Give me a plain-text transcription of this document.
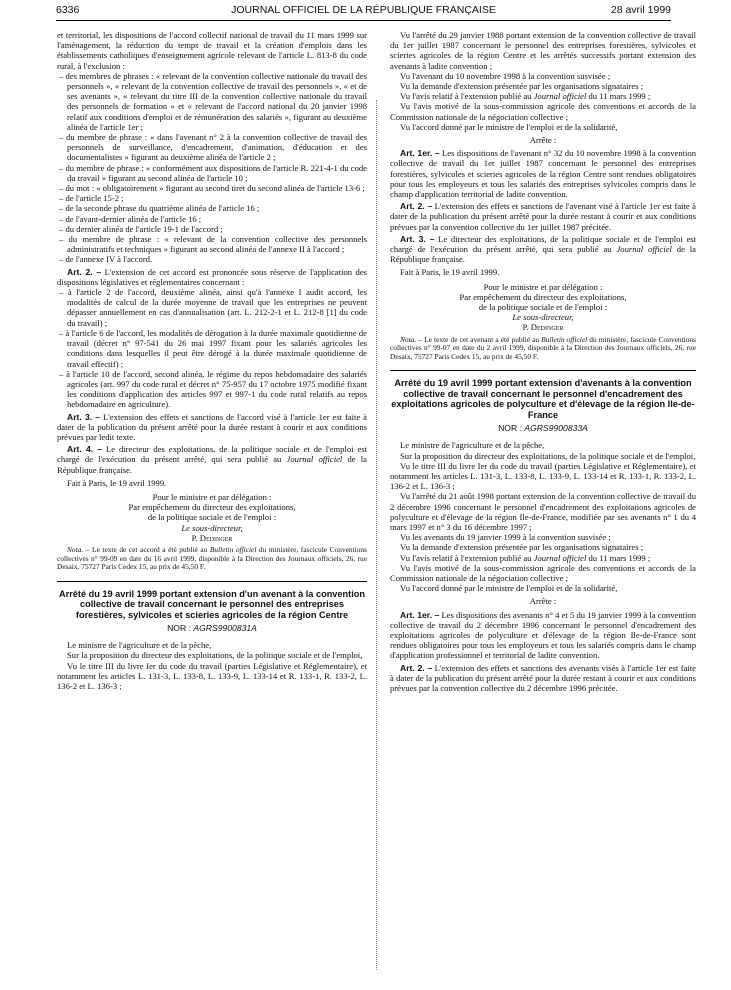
6336	JOURNAL OFFICIEL DE LA RÉPUBLIQUE FRANÇAISE	28 avril 1999

et territorial, les dispositions de l'accord collectif national de travail du 11 mars 1999 sur l'aménagement, la réduction du temps de travail et la création d'emplois dans les établissements catholiques d'enseignement agricole relevant de l'article L. 813-8 du code rural, à l'exclusion :

– des membres de phrases : « relevant de la convention collective nationale du travail des personnels », « relevant de la convention collective de travail des personnels », « et de ses avenants », « relevant du titre III de la convention collective nationale du travail des personnels de formation » et « relevant de l'accord national du 20 janvier 1998 relatif aux conditions d'emploi et de rémunération des salariés », figurant au deuxième alinéa de l'article 1er ;

– du membre de phrase : « dans l'avenant n° 2 à la convention collective de travail des personnels de surveillance, d'encadrement, d'animation, d'éducation et des documentalistes » figurant au deuxième alinéa de l'article 2 ;

– du membre de phrase : « conformément aux dispositions de l'article R. 221-4-1 du code du travail » figurant au second alinéa de l'article 10 ;

– du mot : « obligatoirement » figurant au second tiret du second alinéa de l'article 13-6 ;

– de l'article 15-2 ;

– de la seconde phrase du quatrième alinéa de l'article 16 ;

– de l'avant-dernier alinéa de l'article 16 ;

– du dernier alinéa de l'article 19-1 de l'accord ;

– du membre de phrase : « relevant de la convention collective des personnels administratifs et techniques » figurant au second alinéa de l'annexe II à l'accord ;

– de l'annexe IV à l'accord.

Art. 2. – L'extension de cet accord est prononcée sous réserve de l'application des dispositions législatives et réglementaires concernant :

– à l'article 2 de l'accord, deuxième alinéa, ainsi qu'à l'annexe I audit accord, les modalités de calcul de la durée moyenne de travail que les entreprises ne peuvent dépasser annuellement en cas d'annualisation (art. L. 212-2-1 et L. 212-8 [1] du code du travail) ;

– à l'article 6 de l'accord, les modalités de dérogation à la durée maximale quotidienne de travail (décret n° 97-541 du 26 mai 1997 fixant pour les salariés agricoles les conditions dans lesquelles il peut être dérogé à la durée maximale quotidienne de travail effectif) ;

– à l'article 10 de l'accord, second alinéa, le régime du repos hebdomadaire des salariés agricoles (art. 997 du code rural et décret n° 75-957 du 17 octobre 1975 modifié fixant les conditions d'application des articles 997 et 997-1 du code rural relatifs au repos hebdomadaire en agriculture).

Art. 3. – L'extension des effets et sanctions de l'accord visé à l'article 1er est faite à dater de la publication du présent arrêté pour la durée restant à courir et aux conditions prévues par ledit texte.

Art. 4. – Le directeur des exploitations, de la politique sociale et de l'emploi est chargé de l'exécution du présent arrêté, qui sera publié au Journal officiel de la République française.

Fait à Paris, le 19 avril 1999.

Pour le ministre et par délégation :
Par empêchement du directeur des exploitations,
de la politique sociale et de l'emploi :
Le sous-directeur,
P. Dedinger

Nota. – Le texte de cet accord a été publié au Bulletin officiel du ministère, fascicule Conventions collectives n° 99-09 en date du 16 avril 1999, disponible à la Direction des Journaux officiels, 26, rue Desaix, 75727 Paris Cedex 15, au prix de 45,50 F.

Arrêté du 19 avril 1999 portant extension d'un avenant à la convention collective de travail concernant le personnel des entreprises forestières, sylvicoles et scieries agricoles de la région Centre
NOR : AGRS9900831A

Le ministre de l'agriculture et de la pêche,

Sur la proposition du directeur des exploitations, de la politique sociale et de l'emploi,

Vu le titre III du livre Ier du code du travail (parties Législative et Réglementaire), et notamment les articles L. 131-3, L. 133-8, L. 133-9, L. 133-14 et R. 133-1, R. 133-2, L. 136-2 et L. 136-3 ;

Vu l'arrêté du 29 janvier 1988 portant extension de la convention collective de travail du 1er juillet 1987 concernant le personnel des entreprises forestières, sylvicoles et scieries agricoles de la région Centre et les arrêtés successifs portant extension des avenants à ladite convention ;

Vu l'avenant du 10 novembre 1998 à la convention susvisée ;

Vu la demande d'extension présentée par les organisations signataires ;

Vu l'avis relatif à l'extension publié au Journal officiel du 11 mars 1999 ;

Vu l'avis motivé de la sous-commission agricole des conventions et accords de la Commission nationale de la négociation collective ;

Vu l'accord donné par le ministre de l'emploi et de la solidarité,

Arrête :

Art. 1er. – Les dispositions de l'avenant n° 32 du 10 novembre 1998 à la convention collective de travail du 1er juillet 1987 concernant le personnel des entreprises forestières, sylvicoles et scieries agricoles de la région Centre sont rendues obligatoires pour tous les employeurs et tous les salariés des entreprises sylvicoles compris dans le champ d'application territorial de ladite convention.

Art. 2. – L'extension des effets et sanctions de l'avenant visé à l'article 1er est faite à dater de la publication du présent arrêté pour la durée restant à courir et aux conditions prévues par la convention collective du 1er juillet 1987 précitée.

Art. 3. – Le directeur des exploitations, de la politique sociale et de l'emploi est chargé de l'exécution du présent arrêté, qui sera publié au Journal officiel de la République française.

Fait à Paris, le 19 avril 1999.

Pour le ministre et par délégation :
Par empêchement du directeur des exploitations,
de la politique sociale et de l'emploi :
Le sous-directeur,
P. Dedinger

Nota. – Le texte de cet avenant a été publié au Bulletin officiel du ministère, fascicule Conventions collectives n° 99-07 en date du 2 avril 1999, disponible à la Direction des Journaux officiels, 26, rue Desaix, 75727 Paris Cedex 15, au prix de 45,50 F.

Arrêté du 19 avril 1999 portant extension d'avenants à la convention collective de travail concernant le personnel d'encadrement des exploitations agricoles de polyculture et d'élevage de la région Ile-de-France
NOR : AGRS9900833A

Le ministre de l'agriculture et de la pêche,

Sur la proposition du directeur des exploitations, de la politique sociale et de l'emploi,

Vu le titre III du livre Ier du code du travail (parties Législative et Réglementaire), et notamment les articles L. 131-3, L. 133-8, L. 133-9, L. 133-14 et R. 133-1, R. 133-2, L. 136-2 et L. 136-3 ;

Vu l'arrêté du 21 août 1998 portant extension de la convention collective de travail du 2 décembre 1996 concernant le personnel d'encadrement des exploitations agricoles de polyculture et d'élevage de la région Ile-de-France, modifiée par ses avenants n° 1 du 4 mars 1997 et n° 3 du 16 décembre 1997 ;

Vu les avenants du 19 janvier 1999 à la convention susvisée ;

Vu la demande d'extension présentée par les organisations signataires ;

Vu l'avis relatif à l'extension publié au Journal officiel du 11 mars 1999 ;

Vu l'avis motivé de la sous-commission agricole des conventions et accords de la Commission nationale de la négociation collective ;

Vu l'accord donné par le ministre de l'emploi et de la solidarité,

Arrête :

Art. 1er. – Les dispositions des avenants n° 4 et 5 du 19 janvier 1999 à la convention collective de travail du 2 décembre 1996 concernant le personnel d'encadrement des exploitations agricoles de polyculture et d'élevage de la région Ile-de-France sont rendues obligatoires pour tous les employeurs et tous les salariés compris dans le champ d'application professionnel et territorial de ladite convention.

Art. 2. – L'extension des effets et sanctions des avenants visés à l'article 1er est faite à dater de la publication du présent arrêté pour la durée restant à courir et aux conditions prévues par la convention collective du 2 décembre 1996 précitée.
